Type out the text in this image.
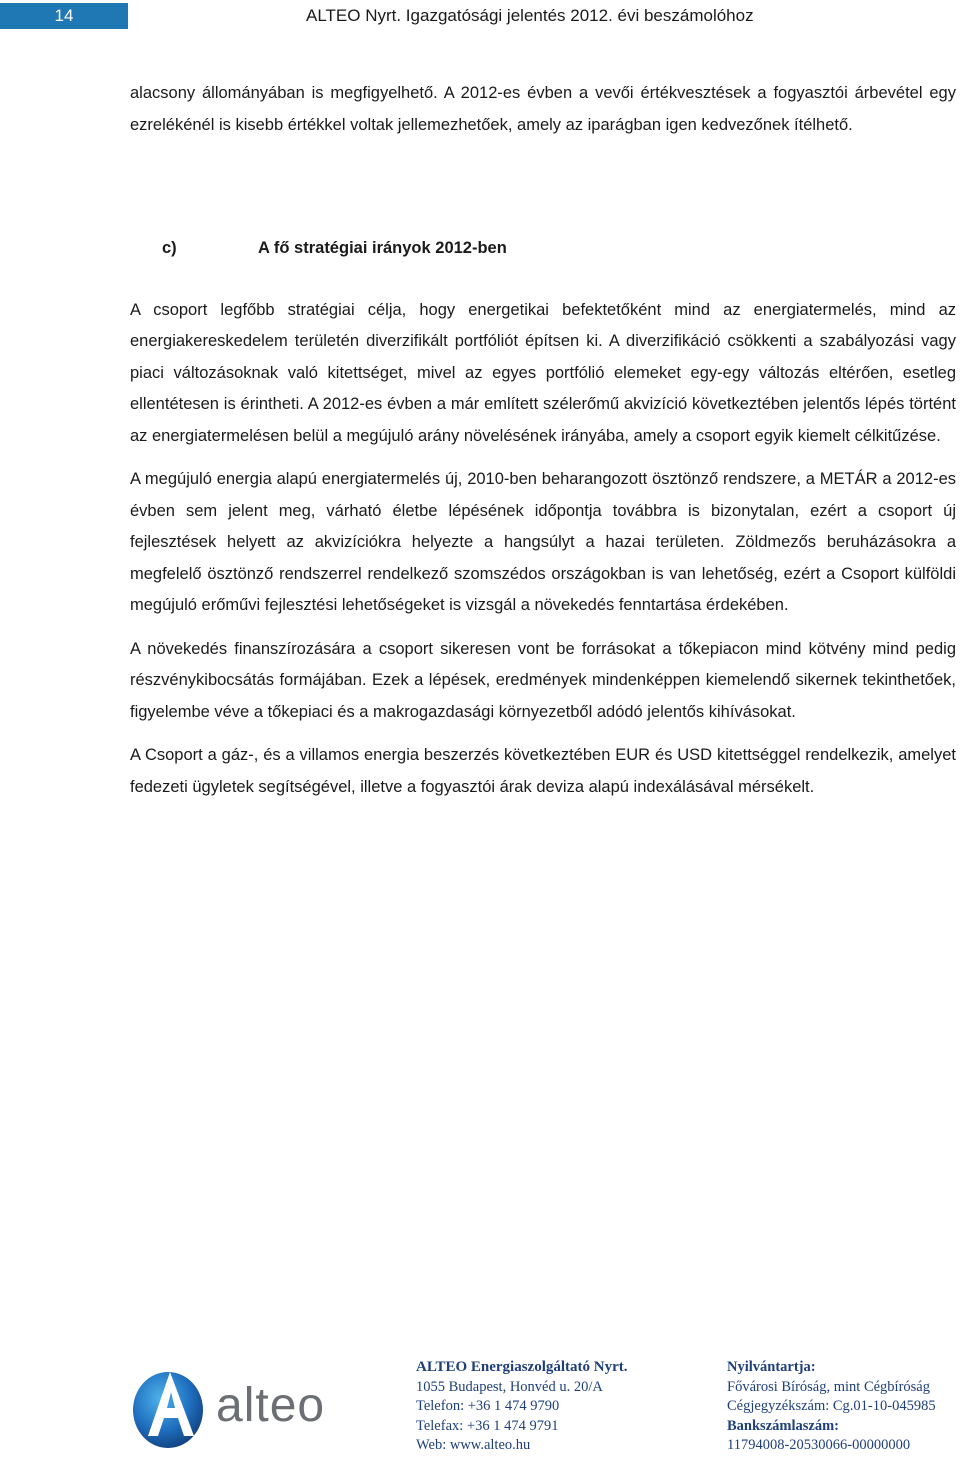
14	ALTEO Nyrt. Igazgatósági jelentés 2012. évi beszámolóhoz

alacsony állományában is megfigyelhető. A 2012-es évben a vevői értékvesztések a fogyasztói árbevétel egy ezrelékénél is kisebb értékkel voltak jellemezhetőek, amely az iparágban igen kedvezőnek ítélhető.

c)	A fő stratégiai irányok 2012-ben

A csoport legfőbb stratégiai célja, hogy energetikai befektetőként mind az energiatermelés, mind az energiakereskedelem területén diverzifikált portfóliót építsen ki. A diverzifikáció csökkenti a szabályozási vagy piaci változásoknak való kitettséget, mivel az egyes portfólió elemeket egy-egy változás eltérően, esetleg ellentétesen is érintheti. A 2012-es évben a már említett szélerőmű akvizíció következtében jelentős lépés történt az energiatermelésen belül a megújuló arány növelésének irányába, amely a csoport egyik kiemelt célkitűzése.

A megújuló energia alapú energiatermelés új, 2010-ben beharangozott ösztönző rendszere, a METÁR a 2012-es évben sem jelent meg, várható életbe lépésének időpontja továbbra is bizonytalan, ezért a csoport új fejlesztések helyett az akvizíciókra helyezte a hangsúlyt a hazai területen. Zöldmezős beruházásokra a megfelelő ösztönző rendszerrel rendelkező szomszédos országokban is van lehetőség, ezért a Csoport külföldi megújuló erőművi fejlesztési lehetőségeket is vizsgál a növekedés fenntartása érdekében.

A növekedés finanszírozására a csoport sikeresen vont be forrásokat a tőkepiacon mind kötvény mind pedig részvénykibocsátás formájában. Ezek a lépések, eredmények mindenképpen kiemelendő sikernek tekinthetőek, figyelembe véve a tőkepiaci és a makrogazdasági környezetből adódó jelentős kihívásokat.

A Csoport a gáz-, és a villamos energia beszerzés következtében EUR és USD kitettséggel rendelkezik, amelyet fedezeti ügyletek segítségével, illetve a fogyasztói árak deviza alapú indexálásával mérsékelt.

alteo
ALTEO Energiaszolgáltató Nyrt.
1055 Budapest, Honvéd u. 20/A
Telefon: +36 1 474 9790
Telefax: +36 1 474 9791
Web: www.alteo.hu
Nyilvántartja:
Fővárosi Bíróság, mint Cégbíróság
Cégjegyzékszám: Cg.01-10-045985
Bankszámlaszám:
11794008-20530066-00000000
